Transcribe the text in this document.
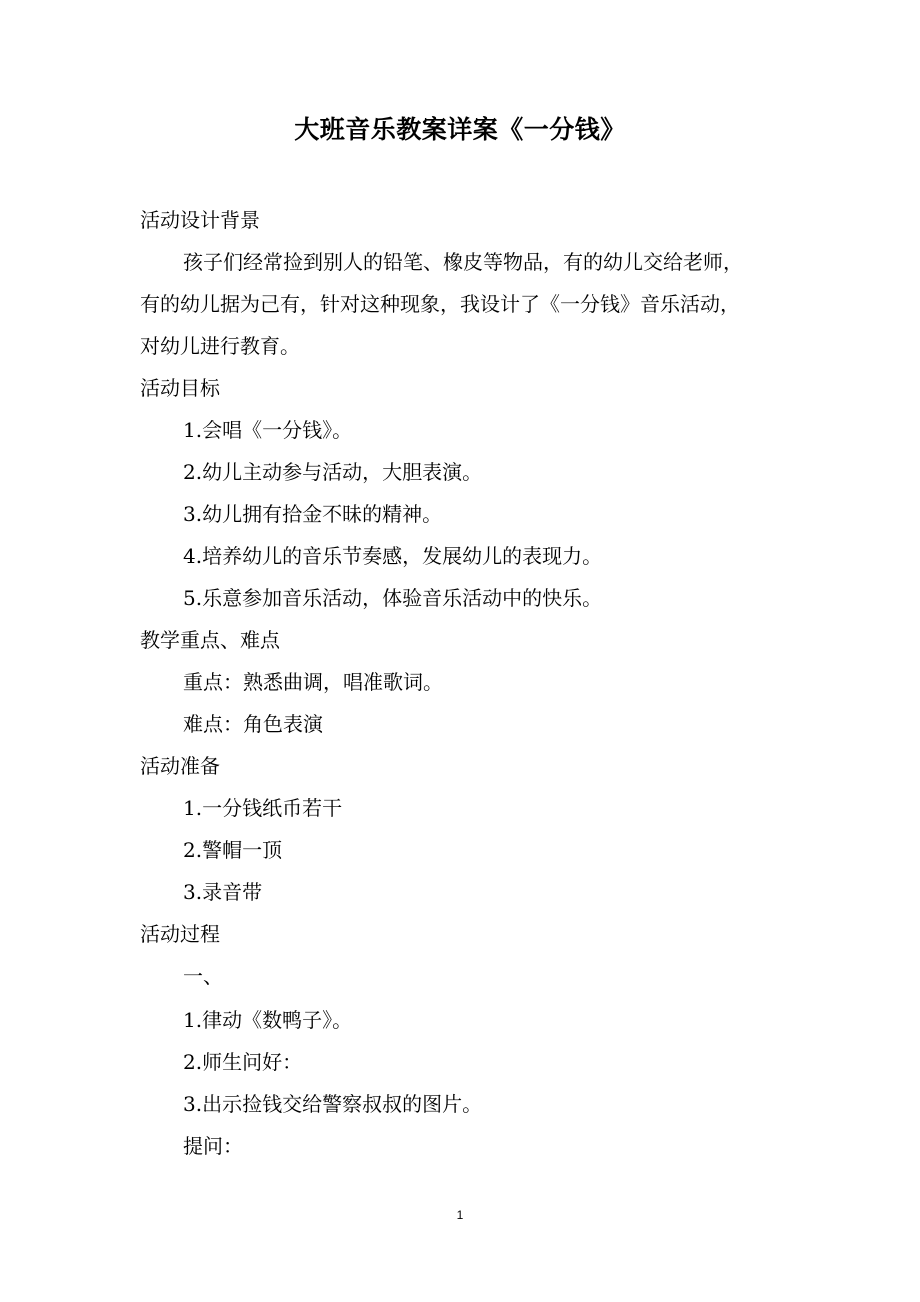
大班音乐教案详案《一分钱》
活动设计背景
孩子们经常捡到别人的铅笔、橡皮等物品，有的幼儿交给老师，
有的幼儿据为己有，针对这种现象，我设计了《一分钱》音乐活动，
对幼儿进行教育。
活动目标
1.会唱《一分钱》。
2.幼儿主动参与活动，大胆表演。
3.幼儿拥有拾金不昧的精神。
4.培养幼儿的音乐节奏感，发展幼儿的表现力。
5.乐意参加音乐活动，体验音乐活动中的快乐。
教学重点、难点
重点：熟悉曲调，唱准歌词。
难点：角色表演
活动准备
1.一分钱纸币若干
2.警帽一顶
3.录音带
活动过程
一、
1.律动《数鸭子》。
2.师生问好：
3.出示捡钱交给警察叔叔的图片。
提问：
1
